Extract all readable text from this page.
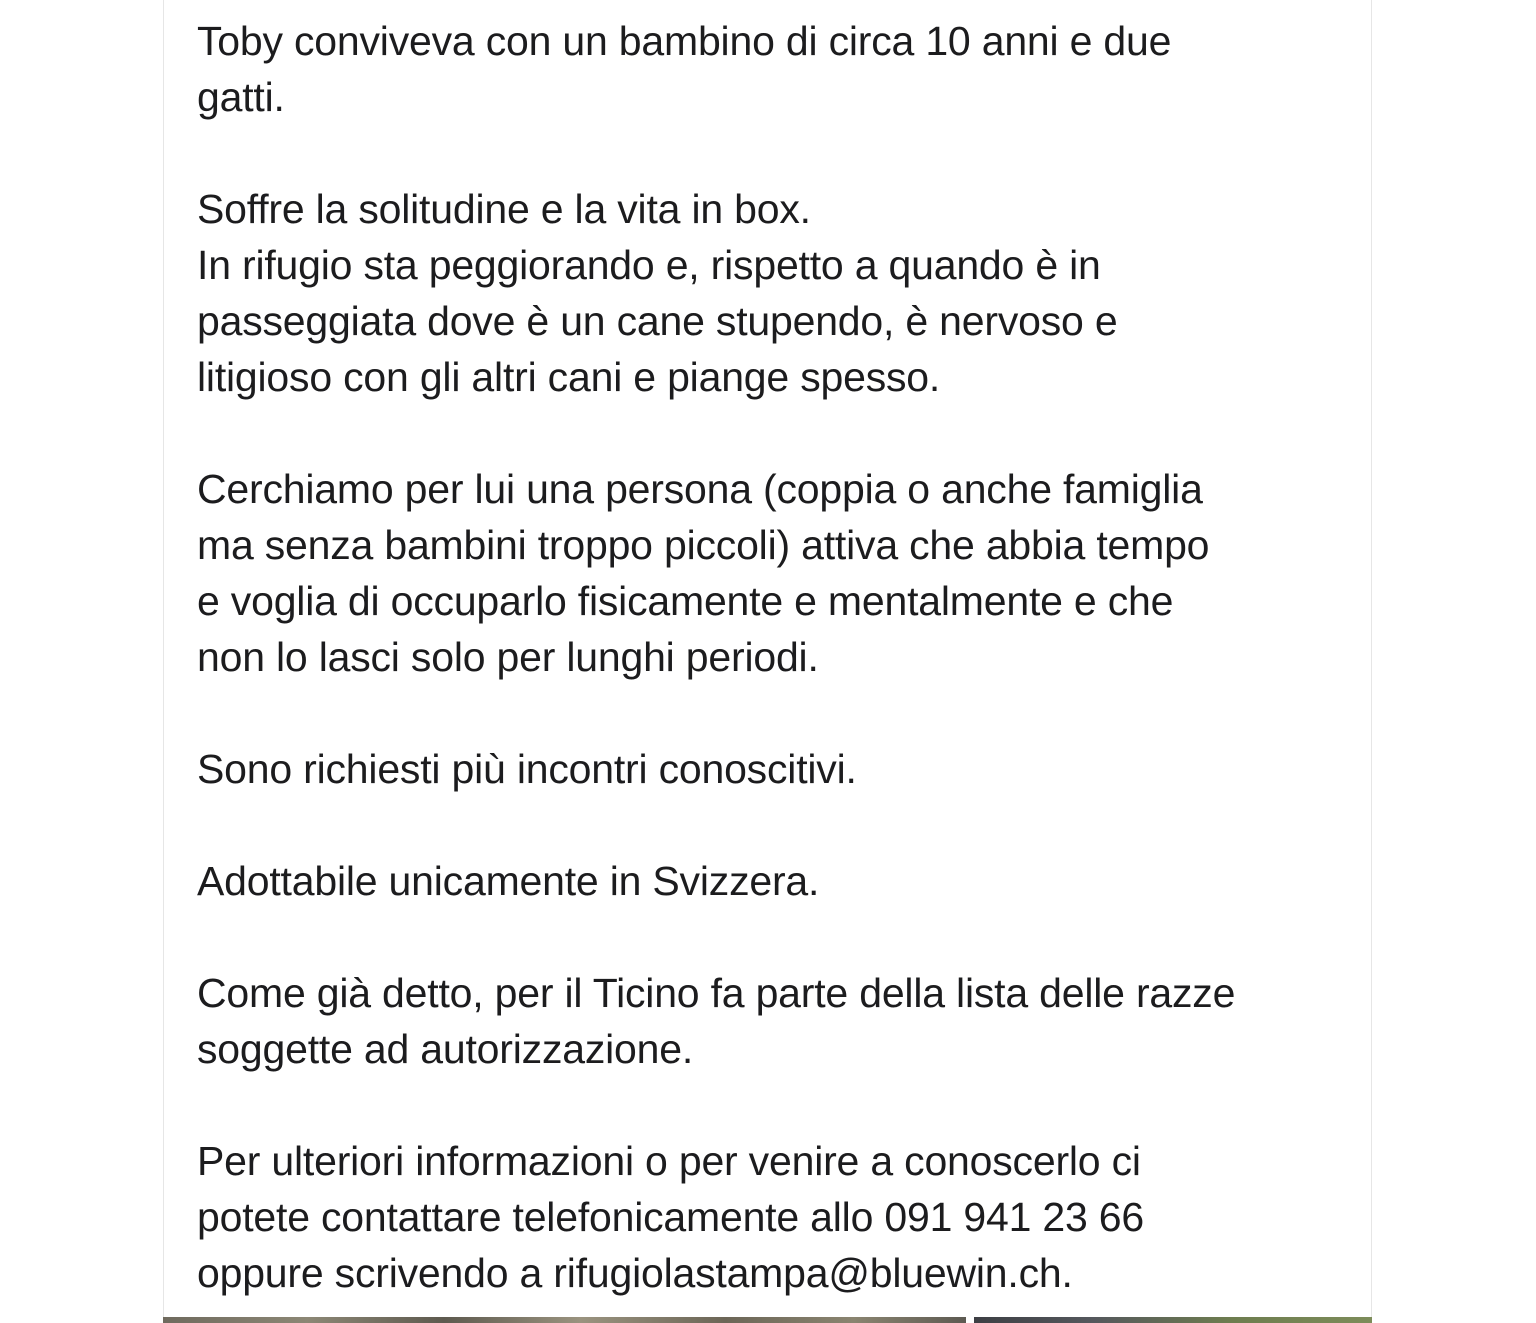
Toby conviveva con un bambino di circa 10 anni e due
gatti.

Soffre la solitudine e la vita in box.
In rifugio sta peggiorando e, rispetto a quando è in
passeggiata dove è un cane stupendo, è nervoso e
litigioso con gli altri cani e piange spesso.

Cerchiamo per lui una persona (coppia o anche famiglia
ma senza bambini troppo piccoli) attiva che abbia tempo
e voglia di occuparlo fisicamente e mentalmente e che
non lo lasci solo per lunghi periodi.

Sono richiesti più incontri conoscitivi.

Adottabile unicamente in Svizzera.

Come già detto, per il Ticino fa parte della lista delle razze
soggette ad autorizzazione.

Per ulteriori informazioni o per venire a conoscerlo ci
potete contattare telefonicamente allo 091 941 23 66
oppure scrivendo a rifugiolastampa@bluewin.ch.
